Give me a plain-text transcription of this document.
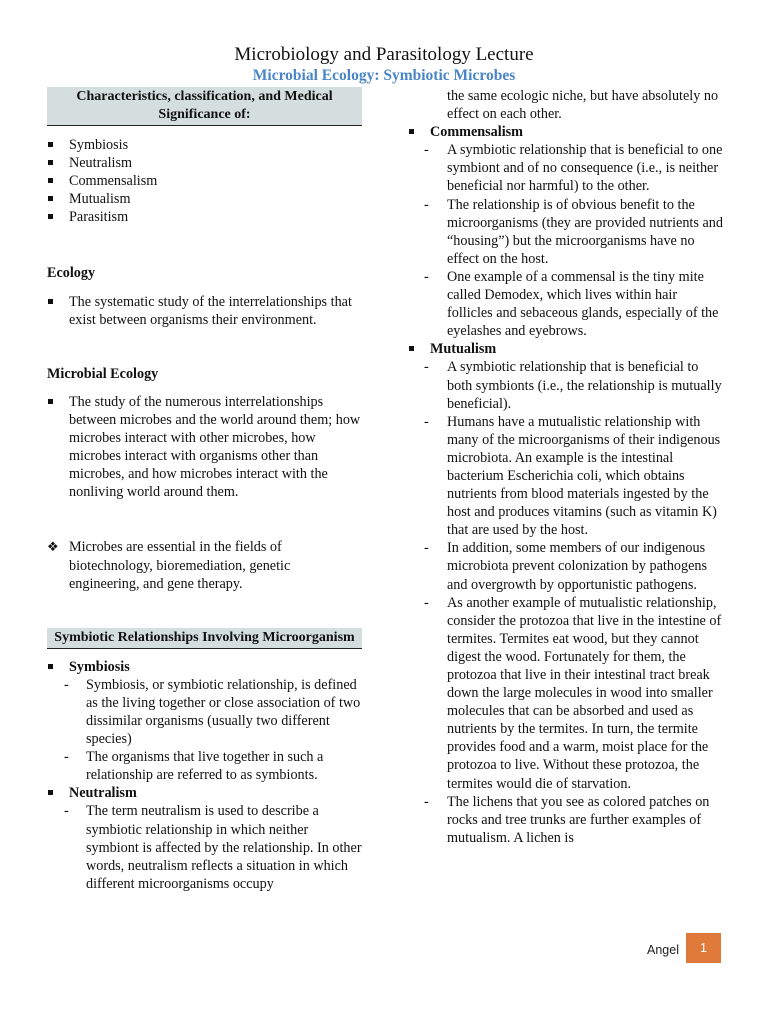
Microbiology and Parasitology Lecture
Microbial Ecology: Symbiotic Microbes
Characteristics, classification, and Medical Significance of:
Symbiosis
Neutralism
Commensalism
Mutualism
Parasitism
Ecology
The systematic study of the interrelationships that exist between organisms their environment.
Microbial Ecology
The study of the numerous interrelationships between microbes and the world around them; how microbes interact with other microbes, how microbes interact with organisms other than microbes, and how microbes interact with the nonliving world around them.
❖ Microbes are essential in the fields of biotechnology, bioremediation, genetic engineering, and gene therapy.
Symbiotic Relationships Involving Microorganism
Symbiosis
- Symbiosis, or symbiotic relationship, is defined as the living together or close association of two dissimilar organisms (usually two different species)
- The organisms that live together in such a relationship are referred to as symbionts.
Neutralism
- The term neutralism is used to describe a symbiotic relationship in which neither symbiont is affected by the relationship. In other words, neutralism reflects a situation in which different microorganisms occupy
the same ecologic niche, but have absolutely no effect on each other.
Commensalism
- A symbiotic relationship that is beneficial to one symbiont and of no consequence (i.e., is neither beneficial nor harmful) to the other.
- The relationship is of obvious benefit to the microorganisms (they are provided nutrients and “housing”) but the microorganisms have no effect on the host.
- One example of a commensal is the tiny mite called Demodex, which lives within hair follicles and sebaceous glands, especially of the eyelashes and eyebrows.
Mutualism
- A symbiotic relationship that is beneficial to both symbionts (i.e., the relationship is mutually beneficial).
- Humans have a mutualistic relationship with many of the microorganisms of their indigenous microbiota. An example is the intestinal bacterium Escherichia coli, which obtains nutrients from blood materials ingested by the host and produces vitamins (such as vitamin K) that are used by the host.
- In addition, some members of our indigenous microbiota prevent colonization by pathogens and overgrowth by opportunistic pathogens.
- As another example of mutualistic relationship, consider the protozoa that live in the intestine of termites. Termites eat wood, but they cannot digest the wood. Fortunately for them, the protozoa that live in their intestinal tract break down the large molecules in wood into smaller molecules that can be absorbed and used as nutrients by the termites. In turn, the termite provides food and a warm, moist place for the protozoa to live. Without these protozoa, the termites would die of starvation.
- The lichens that you see as colored patches on rocks and tree trunks are further examples of mutualism. A lichen is
Angel	1
